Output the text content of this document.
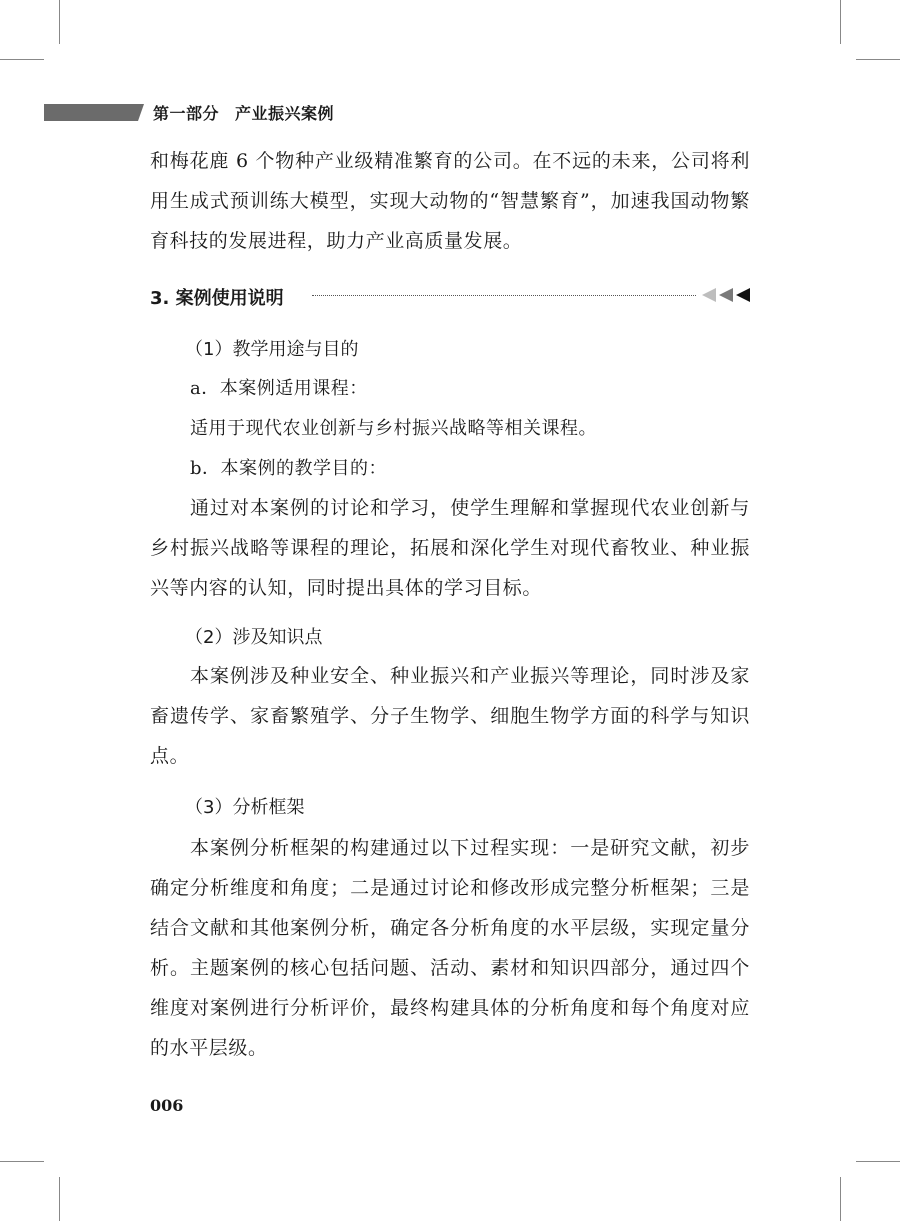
第一部分 产业振兴案例

和梅花鹿 6 个物种产业级精准繁育的公司。在不远的未来，公司将利用生成式预训练大模型，实现大动物的“智慧繁育”，加速我国动物繁育科技的发展进程，助力产业高质量发展。

3. 案例使用说明
（1）教学用途与目的
a．本案例适用课程：
适用于现代农业创新与乡村振兴战略等相关课程。
b．本案例的教学目的：

通过对本案例的讨论和学习，使学生理解和掌握现代农业创新与乡村振兴战略等课程的理论，拓展和深化学生对现代畜牧业、种业振兴等内容的认知，同时提出具体的学习目标。

（2）涉及知识点

本案例涉及种业安全、种业振兴和产业振兴等理论，同时涉及家畜遗传学、家畜繁殖学、分子生物学、细胞生物学方面的科学与知识点。

（3）分析框架

本案例分析框架的构建通过以下过程实现：一是研究文献，初步确定分析维度和角度；二是通过讨论和修改形成完整分析框架；三是结合文献和其他案例分析，确定各分析角度的水平层级，实现定量分析。主题案例的核心包括问题、活动、素材和知识四部分，通过四个维度对案例进行分析评价，最终构建具体的分析角度和每个角度对应的水平层级。

006
